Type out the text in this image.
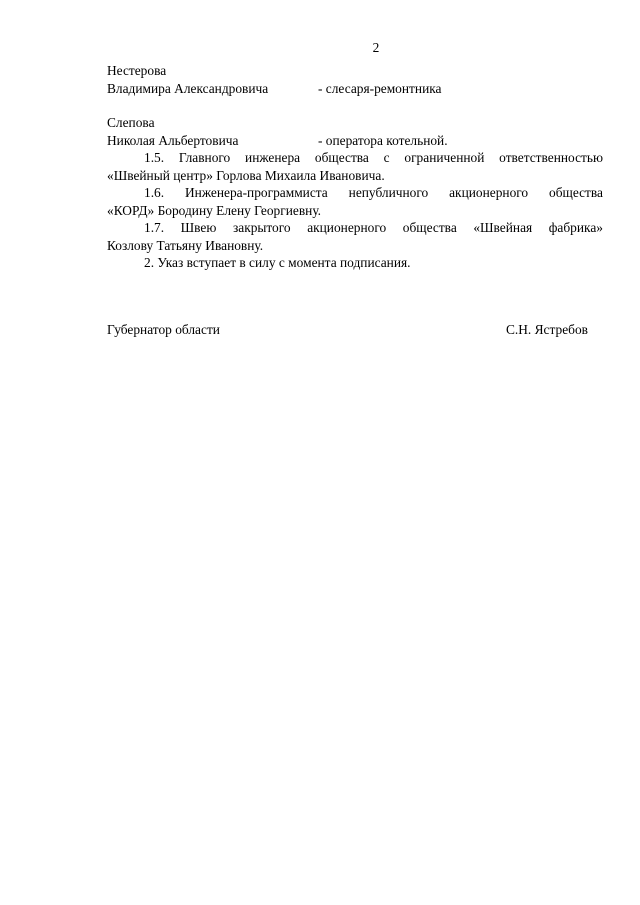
2
Нестерова
Владимира Александровича	- слесаря-ремонтника
Слепова
Николая Альбертовича	- оператора котельной.
1.5. Главного инженера общества с ограниченной ответственностью
«Швейный центр» Горлова Михаила Ивановича.
1.6. Инженера-программиста непубличного акционерного общества
«КОРД» Бородину Елену Георгиевну.
1.7. Швею закрытого акционерного общества «Швейная фабрика»
Козлову Татьяну Ивановну.
2. Указ вступает в силу с момента подписания.
Губернатор области	С.Н. Ястребов
